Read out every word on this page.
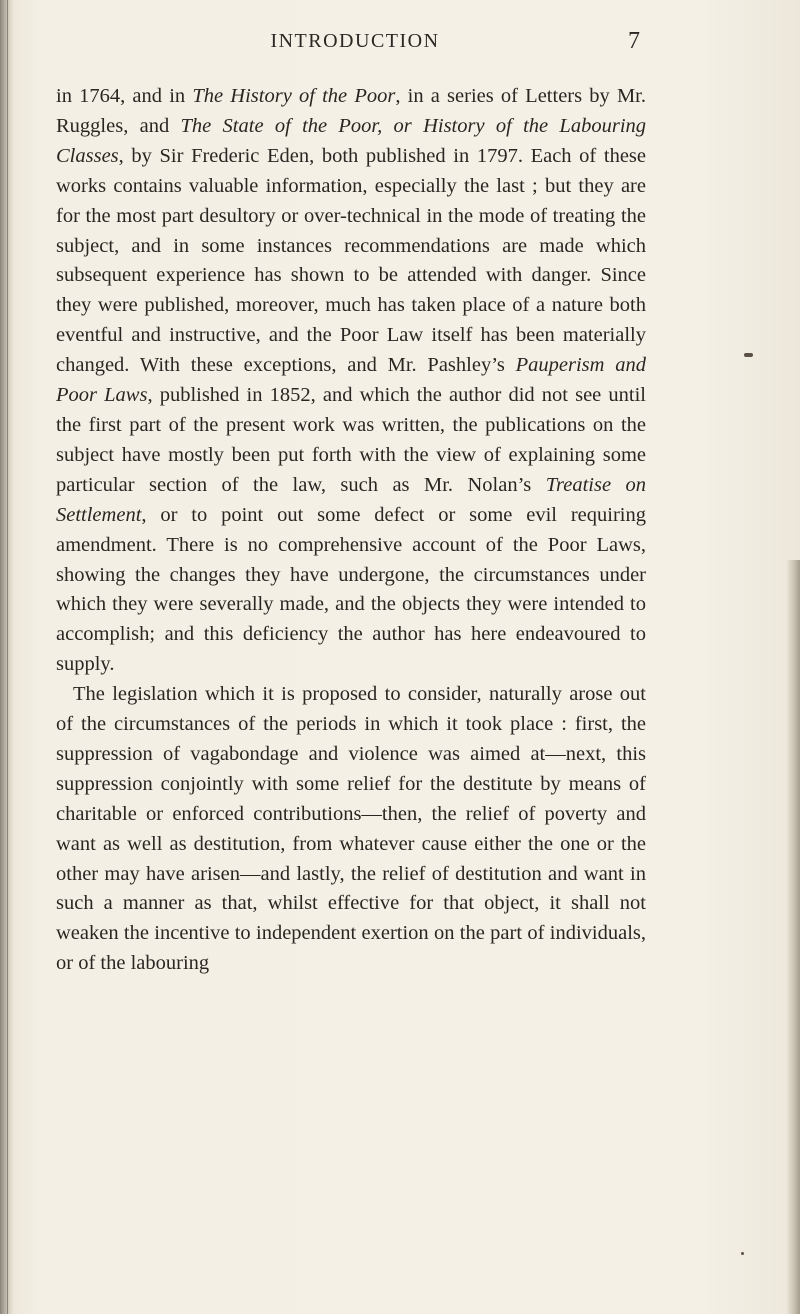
INTRODUCTION	7

in 1764, and in The History of the Poor, in a series of Letters by Mr. Ruggles, and The State of the Poor, or History of the Labouring Classes, by Sir Frederic Eden, both published in 1797. Each of these works contains valuable information, especially the last ; but they are for the most part desultory or over-technical in the mode of treating the subject, and in some instances recommendations are made which subsequent experience has shown to be attended with danger. Since they were published, moreover, much has taken place of a nature both eventful and instructive, and the Poor Law itself has been materially changed. With these exceptions, and Mr. Pashley’s Pauperism and Poor Laws, published in 1852, and which the author did not see until the first part of the present work was written, the publications on the subject have mostly been put forth with the view of explaining some particular section of the law, such as Mr. Nolan’s Treatise on Settlement, or to point out some defect or some evil requiring amendment. There is no comprehensive account of the Poor Laws, showing the changes they have undergone, the circumstances under which they were severally made, and the objects they were intended to accomplish; and this deficiency the author has here endeavoured to supply.

The legislation which it is proposed to consider, naturally arose out of the circumstances of the periods in which it took place : first, the suppression of vagabondage and violence was aimed at—next, this suppression conjointly with some relief for the destitute by means of charitable or enforced contributions—then, the relief of poverty and want as well as destitution, from whatever cause either the one or the other may have arisen—and lastly, the relief of destitution and want in such a manner as that, whilst effective for that object, it shall not weaken the incentive to independent exertion on the part of individuals, or of the labouring
